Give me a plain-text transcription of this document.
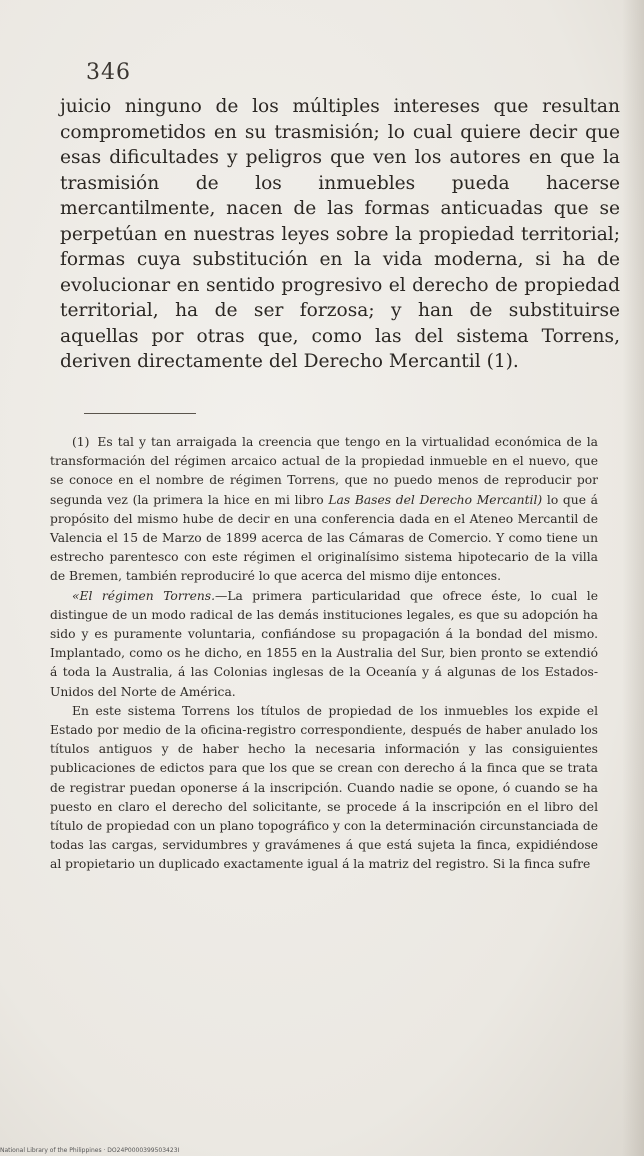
346

juicio ninguno de los múltiples intereses que resultan comprometidos en su trasmisión; lo cual quiere decir que esas dificultades y peligros que ven los autores en que la trasmisión de los inmuebles pueda hacerse mercantilmente, nacen de las formas anticuadas que se perpetúan en nuestras leyes sobre la propiedad territorial; formas cuya substitución en la vida moderna, si ha de evolucionar en sentido progresivo el derecho de propiedad territorial, ha de ser forzosa; y han de substituirse aquellas por otras que, como las del sistema Torrens, deriven directamente del Derecho Mercantil (1).

(1) Es tal y tan arraigada la creencia que tengo en la virtualidad económica de la transformación del régimen arcaico actual de la propiedad inmueble en el nuevo, que se conoce en el nombre de régimen Torrens, que no puedo menos de reproducir por segunda vez (la primera la hice en mi libro Las Bases del Derecho Mercantil) lo que á propósito del mismo hube de decir en una conferencia dada en el Ateneo Mercantil de Valencia el 15 de Marzo de 1899 acerca de las Cámaras de Comercio. Y como tiene un estrecho parentesco con este régimen el originalísimo sistema hipotecario de la villa de Bremen, también reproduciré lo que acerca del mismo dije entonces.

«El régimen Torrens.—La primera particularidad que ofrece éste, lo cual le distingue de un modo radical de las demás instituciones legales, es que su adopción ha sido y es puramente voluntaria, confiándose su propagación á la bondad del mismo. Implantado, como os he dicho, en 1855 en la Australia del Sur, bien pronto se extendió á toda la Australia, á las Colonias inglesas de la Oceanía y á algunas de los Estados-Unidos del Norte de América.

En este sistema Torrens los títulos de propiedad de los inmuebles los expide el Estado por medio de la oficina-registro correspondiente, después de haber anulado los títulos antiguos y de haber hecho la necesaria información y las consiguientes publicaciones de edictos para que los que se crean con derecho á la finca que se trata de registrar puedan oponerse á la inscripción. Cuando nadie se opone, ó cuando se ha puesto en claro el derecho del solicitante, se procede á la inscripción en el libro del título de propiedad con un plano topográfico y con la determinación circunstanciada de todas las cargas, servidumbres y gravámenes á que está sujeta la finca, expidiéndose al propietario un duplicado exactamente igual á la matriz del registro. Si la finca sufre

National Library of the Philippines · DO24P0000399503423I
